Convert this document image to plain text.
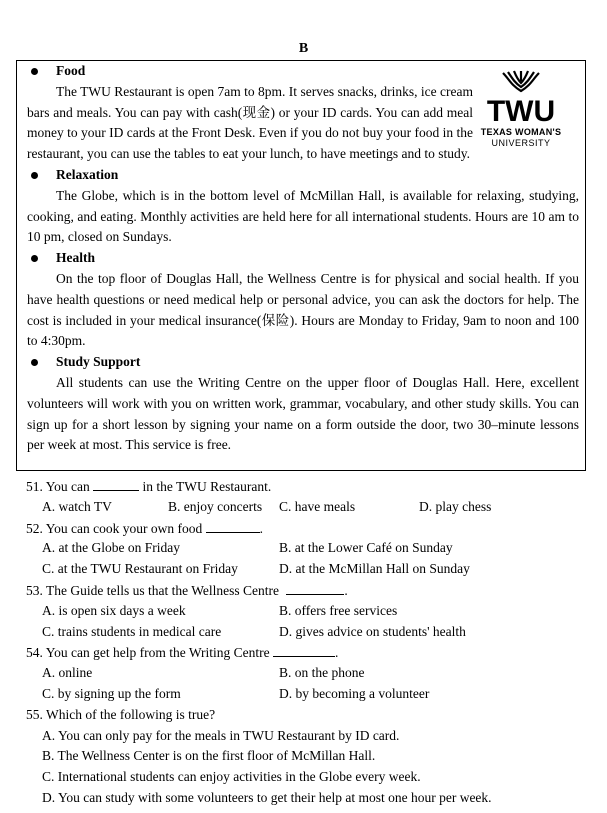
B
TWU
TEXAS WOMAN'S
UNIVERSITY
Food

The TWU Restaurant is open 7am to 8pm. It serves snacks, drinks, ice cream bars and meals. You can pay with cash(现金) or your ID cards. You can add meal money to your ID cards at the Front Desk. Even if you do not buy your food in the restaurant, you can use the tables to eat your lunch, to have meetings and to study.

Relaxation

The Globe, which is in the bottom level of McMillan Hall, is available for relaxing, studying, cooking, and eating. Monthly activities are held here for all international students. Hours are 10 am to 10 pm, closed on Sundays.

Health

On the top floor of Douglas Hall, the Wellness Centre is for physical and social health. If you have health questions or need medical help or personal advice, you can ask the doctors for help. The cost is included in your medical insurance(保险). Hours are Monday to Friday, 9am to noon and 100 to 4:30pm.

Study Support

All students can use the Writing Centre on the upper floor of Douglas Hall. Here, excellent volunteers will work with you on written work, grammar, vocabulary, and other study skills. You can sign up for a short lesson by signing your name on a form outside the door, two 30–minute lessons per week at most. This service is free.

51. You can	in the TWU Restaurant.
A. watch TV	B. enjoy concerts C. have meals	D. play chess
52. You can cook your own food	.
A. at the Globe on Friday	B. at the Lower Café on Sunday
C. at the TWU Restaurant on Friday	D. at the McMillan Hall on Sunday
53. The Guide tells us that the Wellness Centre	.
A. is open six days a week	B. offers free services
C. trains students in medical care	D. gives advice on students' health
54. You can get help from the Writing Centre	.
A. online	B. on the phone
C. by signing up the form	D. by becoming a volunteer
55. Which of the following is true?
A. You can only pay for the meals in TWU Restaurant by ID card.
B. The Wellness Center is on the first floor of McMillan Hall.
C. International students can enjoy activities in the Globe every week.
D. You can study with some volunteers to get their help at most one hour per week.
